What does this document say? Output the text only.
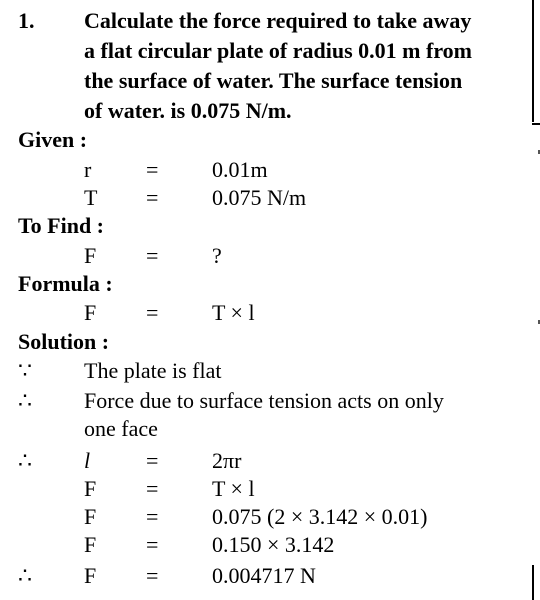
1. Calculate the force required to take away
a flat circular plate of radius 0.01 m from
the surface of water. The surface tension
of water. is 0.075 N/m.
Given :
r	= 0.01m
T	= 0.075 N/m
To Find :
F	= ?
Formula :
F	= T × l
Solution :
∵	The plate is flat
∴	Force due to surface tension acts on only
one face
∴	l	= 2πr
F	= T × l
F	= 0.075 (2 × 3.142 × 0.01)
F	= 0.150 × 3.142
∴	F	= 0.004717 N
